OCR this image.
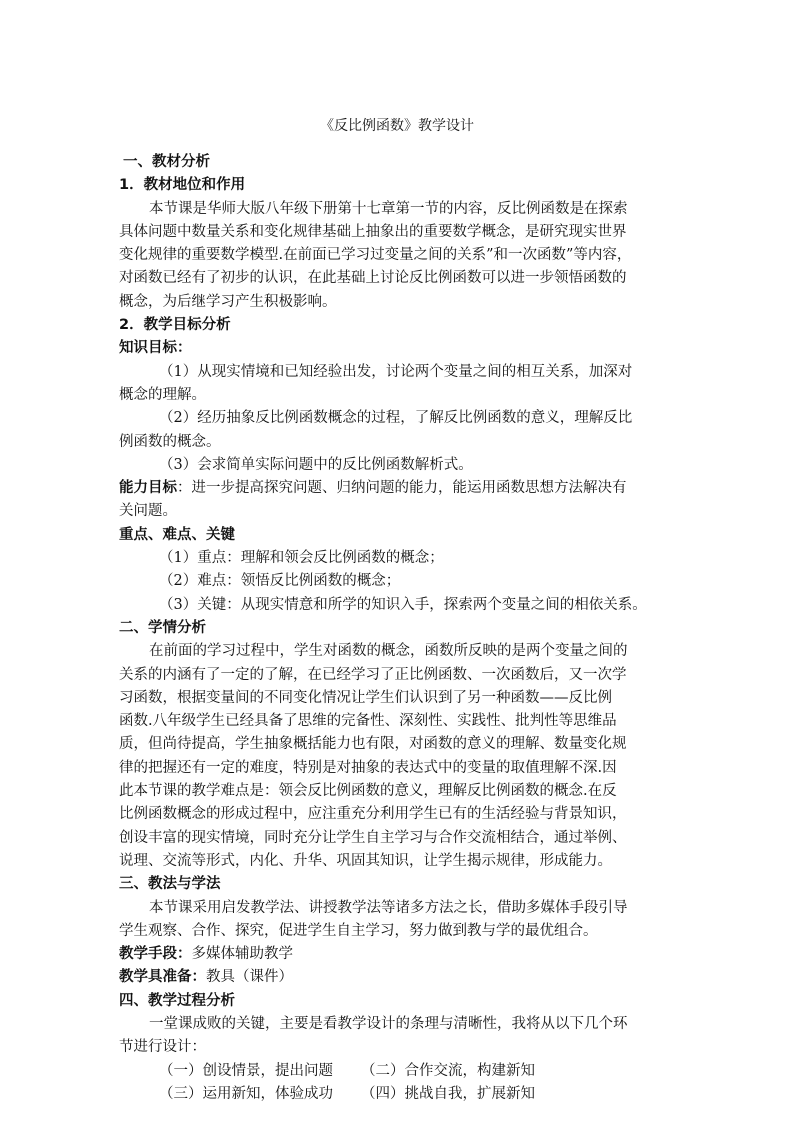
《反比例函数》教学设计
一、教材分析
1．教材地位和作用
本节课是华师大版八年级下册第十七章第一节的内容，反比例函数是在探索
具体问题中数量关系和变化规律基础上抽象出的重要数学概念，是研究现实世界
变化规律的重要数学模型.在前面已学习过变量之间的关系”和一次函数”等内容，
对函数已经有了初步的认识，在此基础上讨论反比例函数可以进一步领悟函数的
概念，为后继学习产生积极影响。
2．教学目标分析
知识目标：
（1）从现实情境和已知经验出发，讨论两个变量之间的相互关系，加深对
概念的理解。
（2）经历抽象反比例函数概念的过程，了解反比例函数的意义，理解反比
例函数的概念。
（3）会求简单实际问题中的反比例函数解析式。
能力目标：进一步提高探究问题、归纳问题的能力，能运用函数思想方法解决有
关问题。
重点、难点、关键
（1）重点：理解和领会反比例函数的概念；
（2）难点：领悟反比例函数的概念；
（3）关键：从现实情意和所学的知识入手，探索两个变量之间的相依关系。
二、学情分析
在前面的学习过程中，学生对函数的概念，函数所反映的是两个变量之间的
关系的内涵有了一定的了解，在已经学习了正比例函数、一次函数后，又一次学
习函数，根据变量间的不同变化情况让学生们认识到了另一种函数——反比例
函数.八年级学生已经具备了思维的完备性、深刻性、实践性、批判性等思维品
质，但尚待提高，学生抽象概括能力也有限，对函数的意义的理解、数量变化规
律的把握还有一定的难度，特别是对抽象的表达式中的变量的取值理解不深.因
此本节课的教学难点是：领会反比例函数的意义，理解反比例函数的概念.在反
比例函数概念的形成过程中，应注重充分利用学生已有的生活经验与背景知识，
创设丰富的现实情境，同时充分让学生自主学习与合作交流相结合，通过举例、
说理、交流等形式，内化、升华、巩固其知识，让学生揭示规律，形成能力。
三、教法与学法
本节课采用启发教学法、讲授教学法等诸多方法之长，借助多媒体手段引导
学生观察、合作、探究，促进学生自主学习，努力做到教与学的最优组合。
教学手段：多媒体辅助教学
教学具准备：教具（课件）
四、教学过程分析
一堂课成败的关键，主要是看教学设计的条理与清晰性，我将从以下几个环
节进行设计：
（一）创设情景，提出问题 （二）合作交流，构建新知
（三）运用新知，体验成功 （四）挑战自我，扩展新知
